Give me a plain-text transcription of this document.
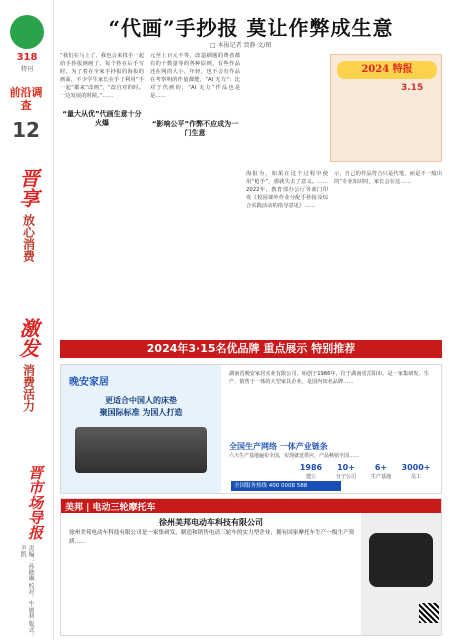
318
特刊
前沿调查
12
晋享
放心消费
激发
消费活力
晋市场导报
责编：孙晓琳 校对：牛丽莉 版式：尹凯
“代画”手抄报 莫让作弊成生意
□ 本报记者 贾静 文/图
“我们在马上了，我也会来找手一起给手抄报画画了，每个抄在后手写时，为了着在全家手抄报的海报的画面，不少学生家长在手了利用“手一起”都来“改画”，“改自对的时。一边发展的时候。”……
“量大从优”代画生意十分火爆
元至上百元不等，改造刷题的费者都有的个数量等的各种原则，有些作品还在网的大小，年轻，也不会有作品在考察明的作量都能，“AI 无力”：比对于代画的，“AI 无力”作品也是是……
“影响公平”作弊不应成为一门生意
海报为，如果在这个过程中使用“枪手”，那就失去了意义。…… 2022年，教育部办公厅等部门印发《校园课外作业分配手抄报及综合实践活动的指导意见》……
示，自己的作品符合只是代笔，而是不一般出的“专业知识时，家长会在这……
2024 特报
3.15
2024年3·15名优品牌 重点展示 特别推荐
晚安家居
更适合中国人的床垫
聚国际标准 为国人打造
湖南省晚安家居实业有限公司，始创于1986年，位于湖南省岳阳市。是一家集研发、生产、销售于一体的大型家具企业，是国内知名品牌……
全国生产网络 一体产业链条
六大生产基地遍布全国，实现就近供应，产品畅销全国……
1986
建立
10+
分子公司
6+
生产基地
3000+
员工
全国服务热线 400 0008 588
美邦 | 电动三轮摩托车
徐州美邦电动车科技有限公司
徐州美邦电动车科技有限公司是一家集研发、制造和销售电动三轮车的实力型企业，拥有国家摩托车生产一级生产资质……
